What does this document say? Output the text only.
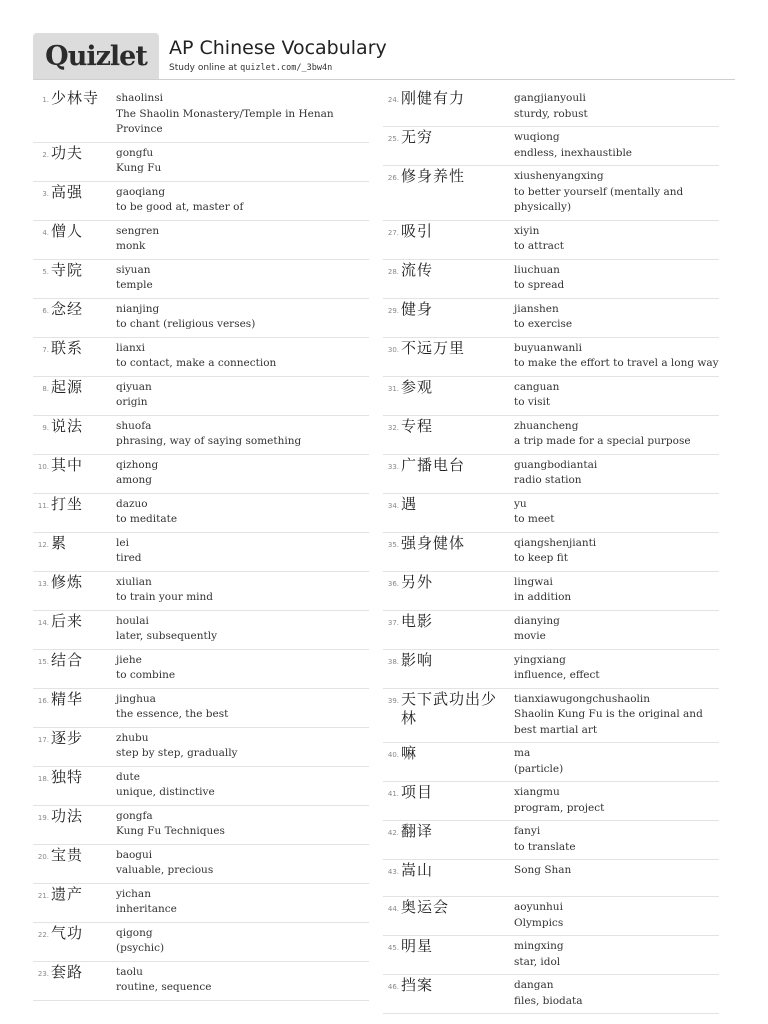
Quizlet AP Chinese Vocabulary
Study online at quizlet.com/_3bw4n
1. 少林寺	shaolinsi
The Shaolin Monastery/Temple in Henan Province
2. 功夫	gongfu
Kung Fu
3. 高强	gaoqiang
to be good at, master of
4. 僧人	sengren
monk
5. 寺院	siyuan
temple
6. 念经	nianjing
to chant (religious verses)
7. 联系	lianxi
to contact, make a connection
8. 起源	qiyuan
origin
9. 说法	shuofa
phrasing, way of saying something
10. 其中	qizhong
among
11. 打坐	dazuo
to meditate
12. 累	lei
tired
13. 修炼	xiulian
to train your mind
14. 后来	houlai
later, subsequently
15. 结合	jiehe
to combine
16. 精华	jinghua
the essence, the best
17. 逐步	zhubu
step by step, gradually
18. 独特	dute
unique, distinctive
19. 功法	gongfa
Kung Fu Techniques
20. 宝贵	baogui
valuable, precious
21. 遗产	yichan
inheritance
22. 气功	qigong
(psychic)
23. 套路	taolu
routine, sequence
24. 刚健有力	gangjianyouli
sturdy, robust
25. 无穷	wuqiong
endless, inexhaustible
26. 修身养性	xiushenyangxing
to better yourself (mentally and physically)
27. 吸引	xiyin
to attract
28. 流传	liuchuan
to spread
29. 健身	jianshen
to exercise
30. 不远万里	buyuanwanli
to make the effort to travel a long way
31. 参观	canguan
to visit
32. 专程	zhuancheng
a trip made for a special purpose
33. 广播电台	guangbodiantai
radio station
34. 遇	yu
to meet
35. 强身健体	qiangshenjianti
to keep fit
36. 另外	lingwai
in addition
37. 电影	dianying
movie
38. 影响	yingxiang
influence, effect
39. 天下武功出少林
tianxiawugongchushaolin
Shaolin Kung Fu is the original and best martial art
40. 嘛	ma
(particle)
41. 项目	xiangmu
program, project
42. 翻译	fanyi
to translate
43. 嵩山	Song Shan
44. 奥运会	aoyunhui
Olympics
45. 明星	mingxing
star, idol
46. 挡案	dangan
files, biodata
